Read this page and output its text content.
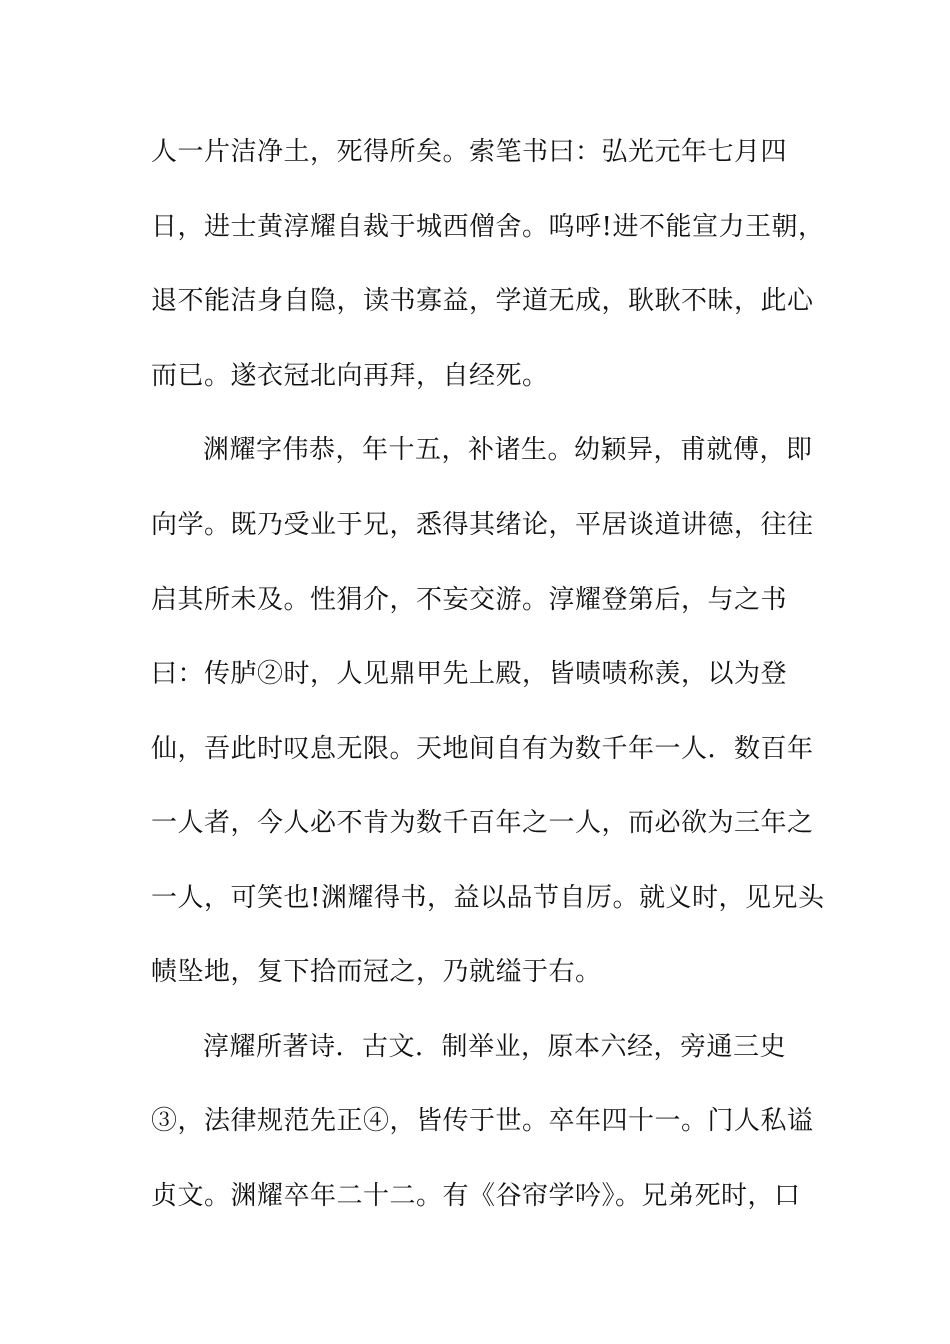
人一片洁净土，死得所矣。索笔书曰：弘光元年七月四
日，进士黄淳耀自裁于城西僧舍。呜呼!进不能宣力王朝，
退不能洁身自隐，读书寡益，学道无成，耿耿不昧，此心
而已。遂衣冠北向再拜，自经死。
渊耀字伟恭，年十五，补诸生。幼颖异，甫就傅，即
向学。既乃受业于兄，悉得其绪论，平居谈道讲德，往往
启其所未及。性狷介，不妄交游。淳耀登第后，与之书
曰：传胪②时，人见鼎甲先上殿，皆啧啧称羡，以为登
仙，吾此时叹息无限。天地间自有为数千年一人．数百年
一人者，今人必不肯为数千百年之一人，而必欲为三年之
一人，可笑也!渊耀得书，益以品节自厉。就义时，见兄头
帻坠地，复下拾而冠之，乃就缢于右。
淳耀所著诗．古文．制举业，原本六经，旁通三史
③，法律规范先正④，皆传于世。卒年四十一。门人私谥
贞文。渊耀卒年二十二。有《谷帘学吟》。兄弟死时，口
